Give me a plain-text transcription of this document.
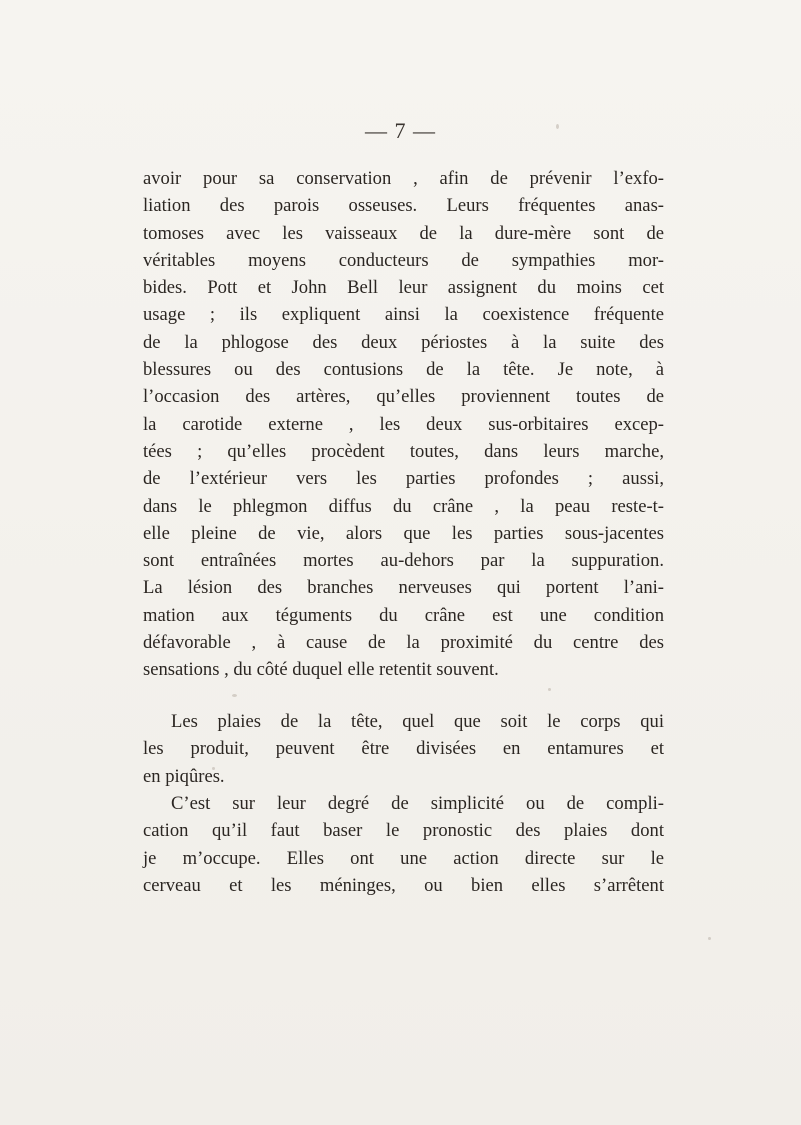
— 7 —
avoir pour sa conservation , afin de prévenir l’exfo-
liation des parois osseuses. Leurs fréquentes anas-
tomoses avec les vaisseaux de la dure-mère sont de
véritables moyens conducteurs de sympathies mor-
bides. Pott et John Bell leur assignent du moins cet
usage ; ils expliquent ainsi la coexistence fréquente
de la phlogose des deux périostes à la suite des
blessures ou des contusions de la tête. Je note, à
l’occasion des artères, qu’elles proviennent toutes de
la carotide externe , les deux sus-orbitaires excep-
tées ; qu’elles procèdent toutes, dans leurs marche,
de l’extérieur vers les parties profondes ; aussi,
dans le phlegmon diffus du crâne , la peau reste-t-
elle pleine de vie, alors que les parties sous-jacentes
sont entraînées mortes au-dehors par la suppuration.
La lésion des branches nerveuses qui portent l’ani-
mation aux téguments du crâne est une condition
défavorable , à cause de la proximité du centre des
sensations , du côté duquel elle retentit souvent.
Les plaies de la tête, quel que soit le corps qui
les produit, peuvent être divisées en entamures et
en piqûres.
C’est sur leur degré de simplicité ou de compli-
cation qu’il faut baser le pronostic des plaies dont
je m’occupe. Elles ont une action directe sur le
cerveau et les méninges, ou bien elles s’arrêtent
